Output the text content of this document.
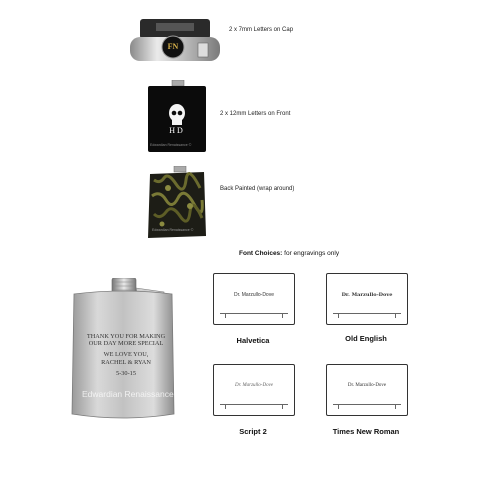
FN
2 x 7mm Letters on Cap
HD
Edwardian Renaissance ©
2 x 12mm Letters on Front
Edwardian Renaissance ©
Back Painted (wrap around)
Font Choices: for engravings only
Dr. Marzullo-Dove
Halvetica
Dr. Marzullo-Dove
Old English
Dr. Marzullo-Dove
Script 2
Dr. Marzullo-Dove
Times New Roman
THANK YOU FOR MAKING
OUR DAY MORE SPECIAL
WE LOVE YOU,
RACHEL & RYAN
5-30-15
Edwardian Renaissance ©
